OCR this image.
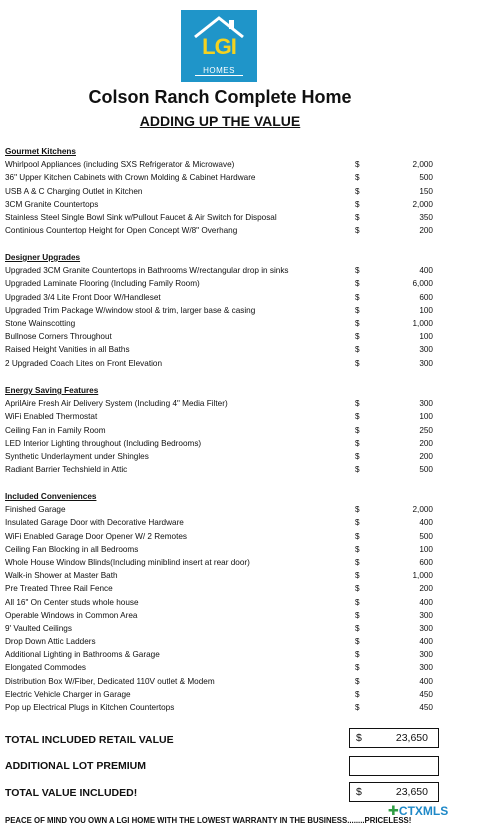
LGI
HOMES
Colson Ranch Complete Home
ADDING UP THE VALUE
Gourmet Kitchens
Whirlpool Appliances (including SXS Refrigerator & Microwave)	$	2,000
36" Upper Kitchen Cabinets with Crown Molding & Cabinet Hardware	$	500
USB A & C Charging Outlet in Kitchen	$	150
3CM Granite Countertops	$	2,000
Stainless Steel Single Bowl Sink w/Pullout Faucet & Air Switch for Disposal	$	350
Continious Countertop Height for Open Concept W/8" Overhang	$	200
Designer Upgrades
Upgraded 3CM Granite Countertops in Bathrooms W/rectangular drop in sinks	$	400
Upgraded Laminate Flooring (Including Family Room)	$	6,000
Upgraded 3/4 Lite Front Door W/Handleset	$	600
Upgraded Trim Package W/window stool & trim, larger base & casing	$	100
Stone Wainscotting	$	1,000
Bullnose Corners Throughout	$	100
Raised Height Vanities in all Baths	$	300
2 Upgraded Coach Lites on Front Elevation	$	300
Energy Saving Features
AprilAire Fresh Air Delivery System (Including 4" Media Filter)	$	300
WiFi Enabled Thermostat	$	100
Ceiling Fan in Family Room	$	250
LED Interior Lighting throughout (Including Bedrooms)	$	200
Synthetic Underlayment under Shingles	$	200
Radiant Barrier Techshield in Attic	$	500
Included Conveniences
Finished Garage	$	2,000
Insulated Garage Door with Decorative Hardware	$	400
WiFi Enabled Garage Door Opener W/ 2 Remotes	$	500
Ceiling Fan Blocking in all Bedrooms	$	100
Whole House Window Blinds(Including miniblind insert at rear door)	$	600
Walk-in Shower at Master Bath	$	1,000
Pre Treated Three Rail Fence	$	200
All 16" On Center studs whole house	$	400
Operable Windows in Common Area	$	300
9' Vaulted Ceilings	$	300
Drop Down Attic Ladders	$	400
Additional Lighting in Bathrooms & Garage	$	300
Elongated Commodes	$	300
Distribution Box W/Fiber, Dedicated 110V outlet & Modem	$	400
Electric Vehicle Charger in Garage	$	450
Pop up Electrical Plugs in Kitchen Countertops	$	450
TOTAL INCLUDED RETAIL VALUE	$	23,650
ADDITIONAL LOT PREMIUM
TOTAL VALUE INCLUDED!	$	23,650
✚CTXMLS
PEACE OF MIND YOU OWN A LGI HOME WITH THE LOWEST WARRANTY IN THE BUSINESS........PRICELESS!
